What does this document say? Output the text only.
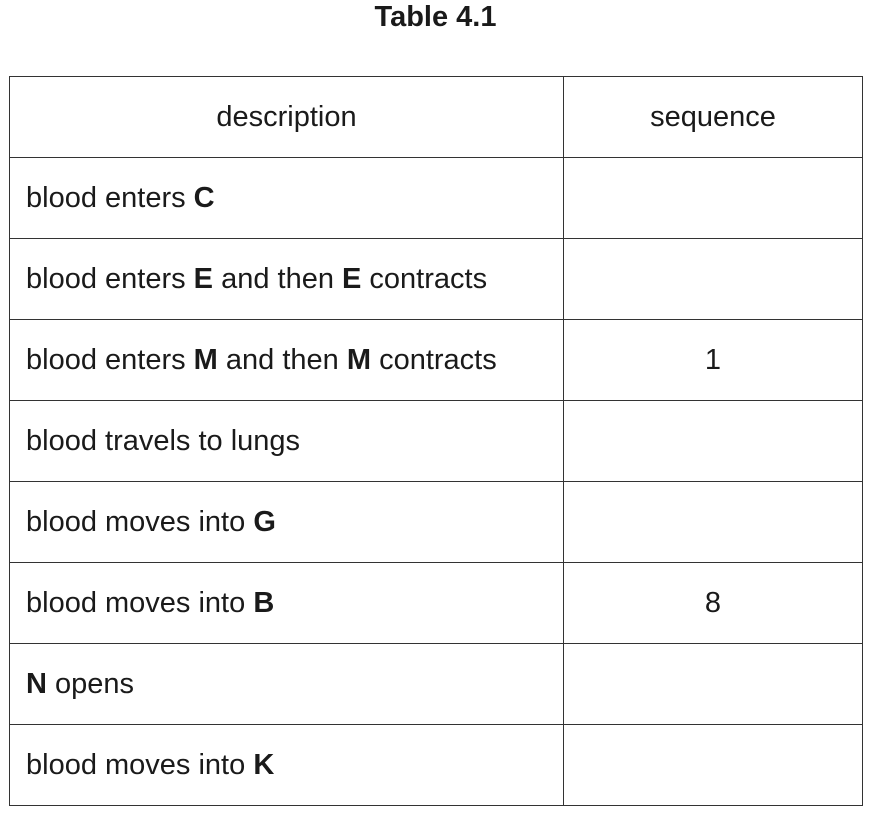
Table 4.1
description	sequence
blood enters C	
blood enters E and then E contracts	
blood enters M and then M contracts	1
blood travels to lungs	
blood moves into G	
blood moves into B	8
N opens	
blood moves into K	
